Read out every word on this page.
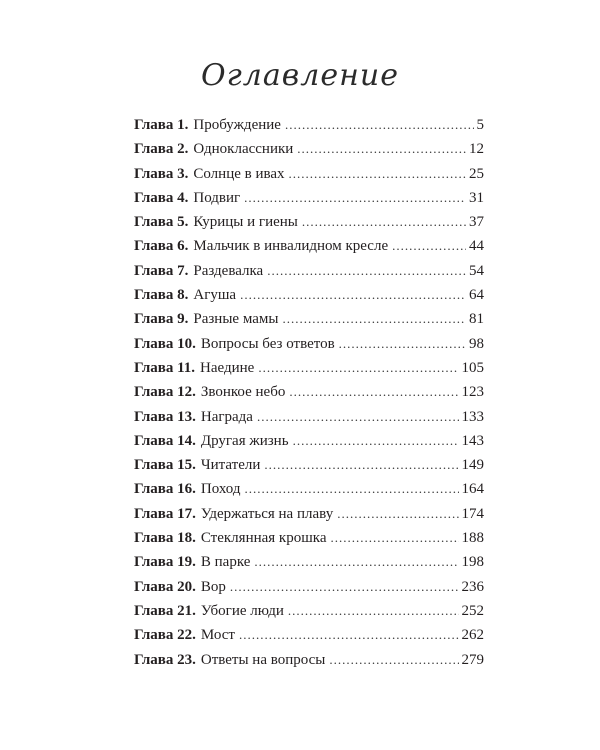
Оглавление
Глава 1. Пробуждение .....	5
Глава 2. Одноклассники .....	12
Глава 3. Солнце в ивах .....	25
Глава 4. Подвиг .....	31
Глава 5. Курицы и гиены .....	37
Глава 6. Мальчик в инвалидном кресле .....	44
Глава 7. Раздевалка .....	54
Глава 8. Агуша .....	64
Глава 9. Разные мамы .....	81
Глава 10. Вопросы без ответов .....	98
Глава 11. Наедине .....	105
Глава 12. Звонкое небо .....	123
Глава 13. Награда .....	133
Глава 14. Другая жизнь .....	143
Глава 15. Читатели .....	149
Глава 16. Поход .....	164
Глава 17. Удержаться на плаву .....	174
Глава 18. Стеклянная крошка .....	188
Глава 19. В парке .....	198
Глава 20. Вор .....	236
Глава 21. Убогие люди .....	252
Глава 22. Мост .....	262
Глава 23. Ответы на вопросы .....	279
